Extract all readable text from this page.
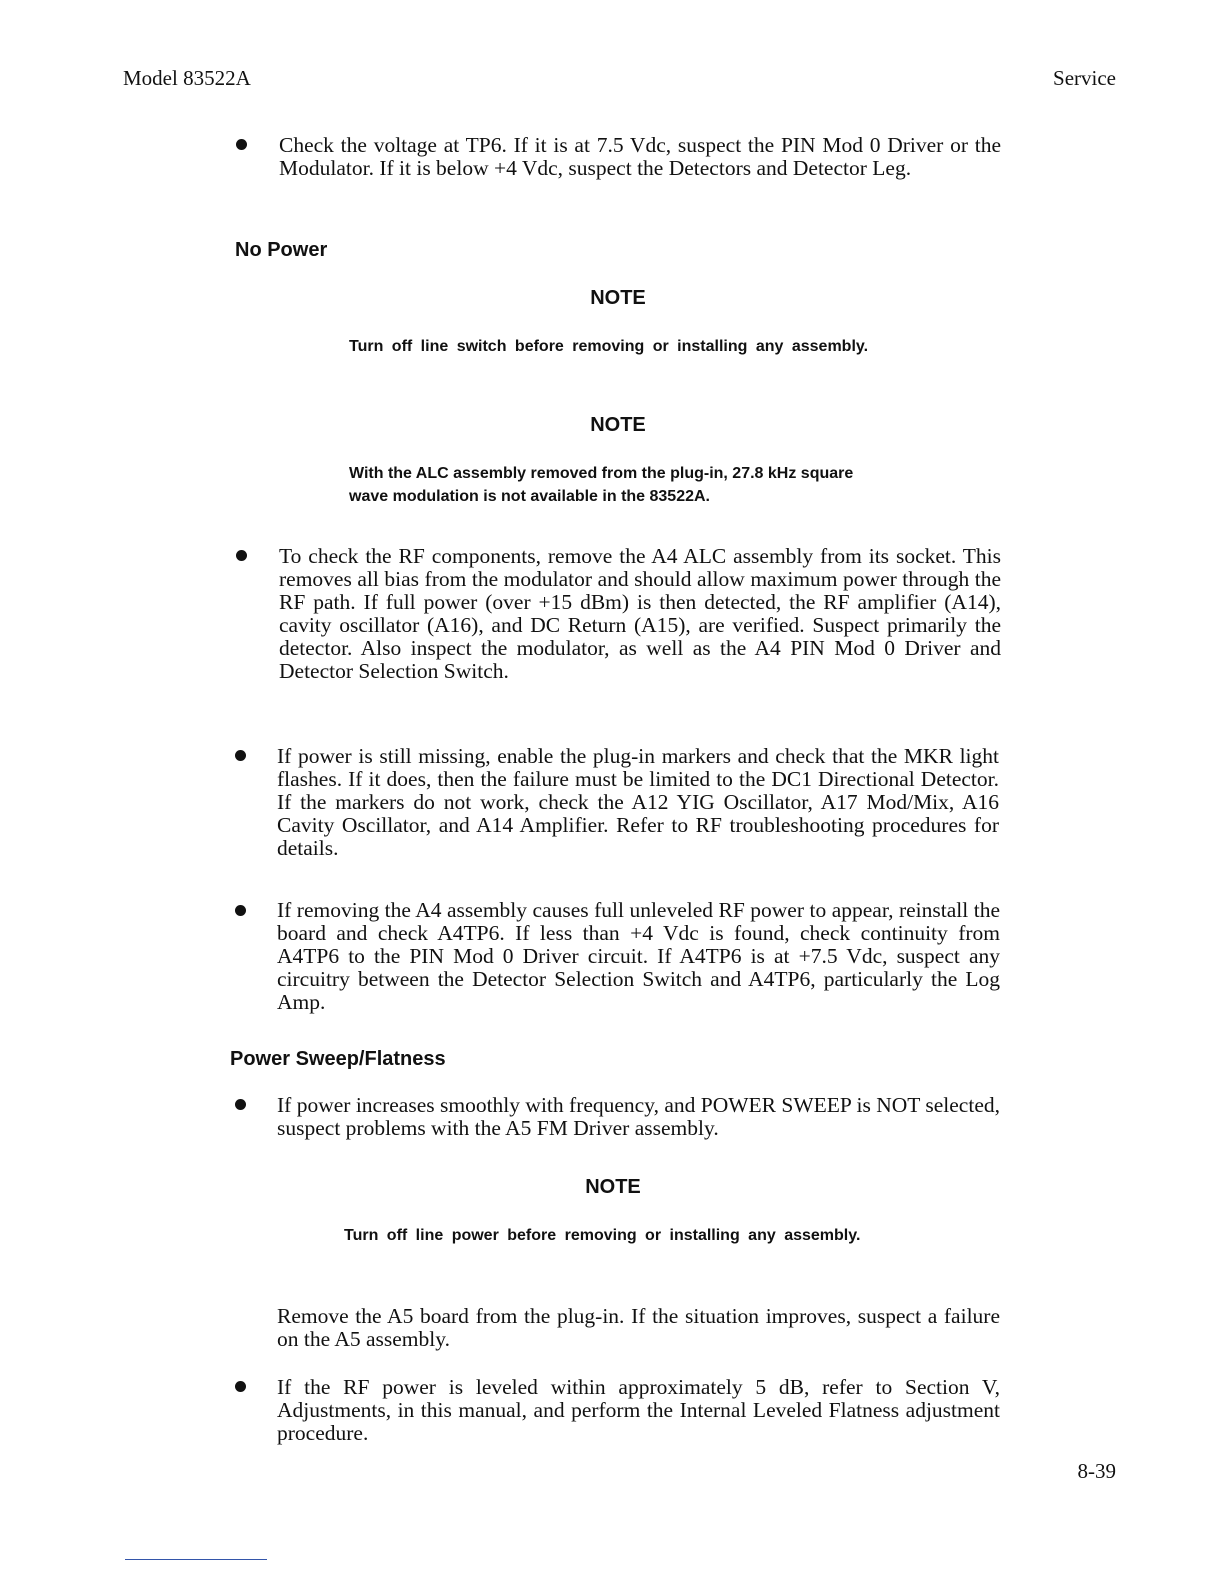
Model 83522A	Service
Check the voltage at TP6. If it is at 7.5 Vdc, suspect the PIN Mod 0 Driver or the Modulator. If it is below +4 Vdc, suspect the Detectors and Detector Leg.
No Power
NOTE
Turn off line switch before removing or installing any assembly.
NOTE
With the ALC assembly removed from the plug-in, 27.8 kHz square wave modulation is not available in the 83522A.
To check the RF components, remove the A4 ALC assembly from its socket. This removes all bias from the modulator and should allow maximum power through the RF path. If full power (over +15 dBm) is then detected, the RF amplifier (A14), cavity oscillator (A16), and DC Return (A15), are verified. Suspect primarily the detector. Also inspect the modulator, as well as the A4 PIN Mod 0 Driver and Detector Selection Switch.
If power is still missing, enable the plug-in markers and check that the MKR light flashes. If it does, then the failure must be limited to the DC1 Directional Detector. If the markers do not work, check the A12 YIG Oscillator, A17 Mod/Mix, A16 Cavity Oscillator, and A14 Amplifier. Refer to RF troubleshooting procedures for details.
If removing the A4 assembly causes full unleveled RF power to appear, reinstall the board and check A4TP6. If less than +4 Vdc is found, check continuity from A4TP6 to the PIN Mod 0 Driver circuit. If A4TP6 is at +7.5 Vdc, suspect any circuitry between the Detector Selection Switch and A4TP6, particularly the Log Amp.
Power Sweep/Flatness
If power increases smoothly with frequency, and POWER SWEEP is NOT selected, suspect problems with the A5 FM Driver assembly.
NOTE
Turn off line power before removing or installing any assembly.
Remove the A5 board from the plug-in. If the situation improves, suspect a failure on the A5 assembly.
If the RF power is leveled within approximately 5 dB, refer to Section V, Adjustments, in this manual, and perform the Internal Leveled Flatness adjustment procedure.
8-39
